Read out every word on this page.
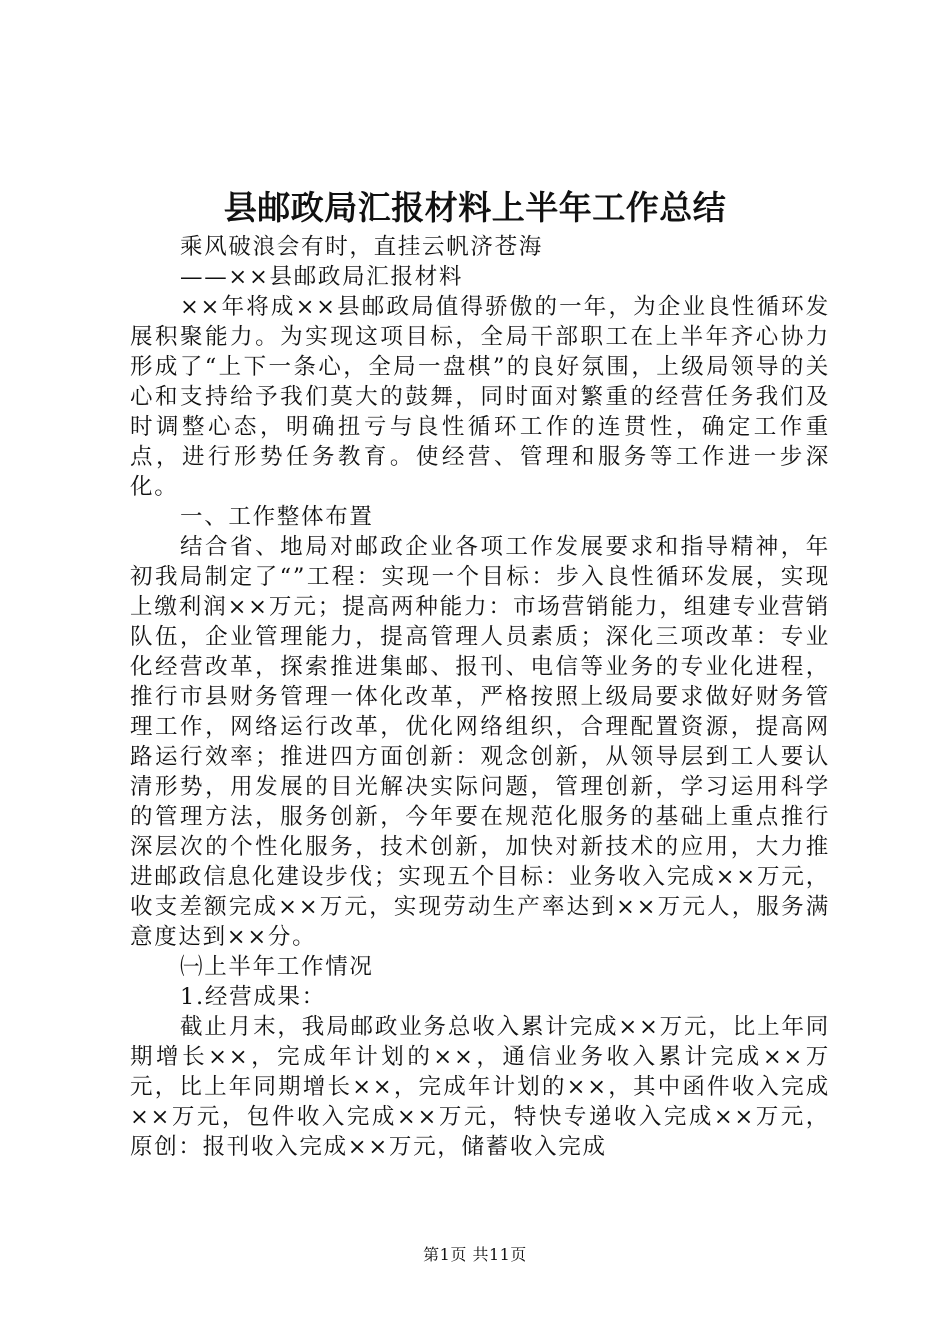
县邮政局汇报材料上半年工作总结

乘风破浪会有时，直挂云帆济苍海

——××县邮政局汇报材料

××年将成××县邮政局值得骄傲的一年，为企业良性循环发展积聚能力。为实现这项目标，全局干部职工在上半年齐心协力形成了“上下一条心，全局一盘棋”的良好氛围，上级局领导的关心和支持给予我们莫大的鼓舞，同时面对繁重的经营任务我们及时调整心态，明确扭亏与良性循环工作的连贯性，确定工作重点，进行形势任务教育。使经营、管理和服务等工作进一步深化。

一、工作整体布置

结合省、地局对邮政企业各项工作发展要求和指导精神，年初我局制定了“”工程：实现一个目标：步入良性循环发展，实现上缴利润××万元；提高两种能力：市场营销能力，组建专业营销队伍，企业管理能力，提高管理人员素质；深化三项改革：专业化经营改革，探索推进集邮、报刊、电信等业务的专业化进程，推行市县财务管理一体化改革，严格按照上级局要求做好财务管理工作，网络运行改革，优化网络组织，合理配置资源，提高网路运行效率；推进四方面创新：观念创新，从领导层到工人要认清形势，用发展的目光解决实际问题，管理创新，学习运用科学的管理方法，服务创新，今年要在规范化服务的基础上重点推行深层次的个性化服务，技术创新，加快对新技术的应用，大力推进邮政信息化建设步伐；实现五个目标：业务收入完成××万元，收支差额完成××万元，实现劳动生产率达到××万元人，服务满意度达到××分。

㈠上半年工作情况

1.经营成果：

截止月末，我局邮政业务总收入累计完成××万元，比上年同期增长××，完成年计划的××，通信业务收入累计完成××万元，比上年同期增长××，完成年计划的××，其中函件收入完成××万元，包件收入完成××万元，特快专递收入完成××万元，原创：报刊收入完成××万元，储蓄收入完成

第1页 共11页
